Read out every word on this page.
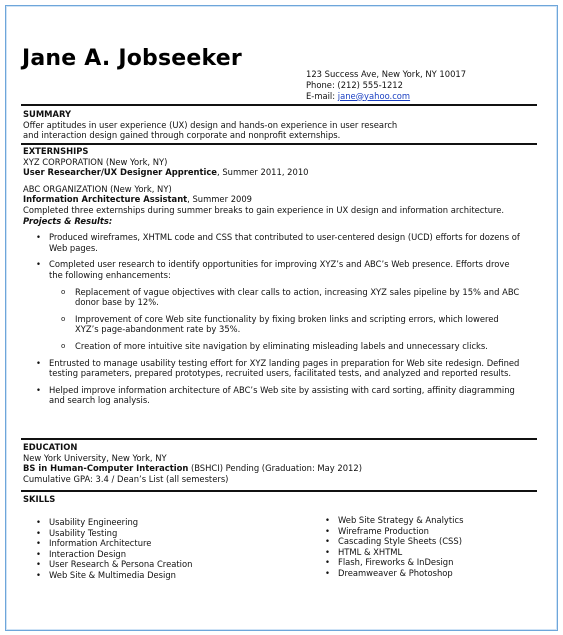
Jane A. Jobseeker
123 Success Ave, New York, NY 10017
Phone: (212) 555-1212
E-mail: jane@yahoo.com
SUMMARY
Offer aptitudes in user experience (UX) design and hands-on experience in user research
and interaction design gained through corporate and nonprofit externships.
EXTERNSHIPS
XYZ CORPORATION (New York, NY)
User Researcher/UX Designer Apprentice, Summer 2011, 2010
ABC ORGANIZATION (New York, NY)
Information Architecture Assistant, Summer 2009
Completed three externships during summer breaks to gain experience in UX design and information architecture.
Projects & Results:
• Produced wireframes, XHTML code and CSS that contributed to user-centered design (UCD) efforts for dozens of Web pages.
• Completed user research to identify opportunities for improving XYZ’s and ABC’s Web presence. Efforts drove the following enhancements:
o Replacement of vague objectives with clear calls to action, increasing XYZ sales pipeline by 15% and ABC donor base by 12%.
o Improvement of core Web site functionality by fixing broken links and scripting errors, which lowered XYZ’s page-abandonment rate by 35%.
o Creation of more intuitive site navigation by eliminating misleading labels and unnecessary clicks.
• Entrusted to manage usability testing effort for XYZ landing pages in preparation for Web site redesign. Defined testing parameters, prepared prototypes, recruited users, facilitated tests, and analyzed and reported results.
• Helped improve information architecture of ABC’s Web site by assisting with card sorting, affinity diagramming and search log analysis.
EDUCATION
New York University, New York, NY
BS in Human-Computer Interaction (BSHCI) Pending (Graduation: May 2012)
Cumulative GPA: 3.4 / Dean’s List (all semesters)
SKILLS
• Usability Engineering
• Usability Testing
• Information Architecture
• Interaction Design
• User Research & Persona Creation
• Web Site & Multimedia Design
• Web Site Strategy & Analytics
• Wireframe Production
• Cascading Style Sheets (CSS)
• HTML & XHTML
• Flash, Fireworks & InDesign
• Dreamweaver & Photoshop
